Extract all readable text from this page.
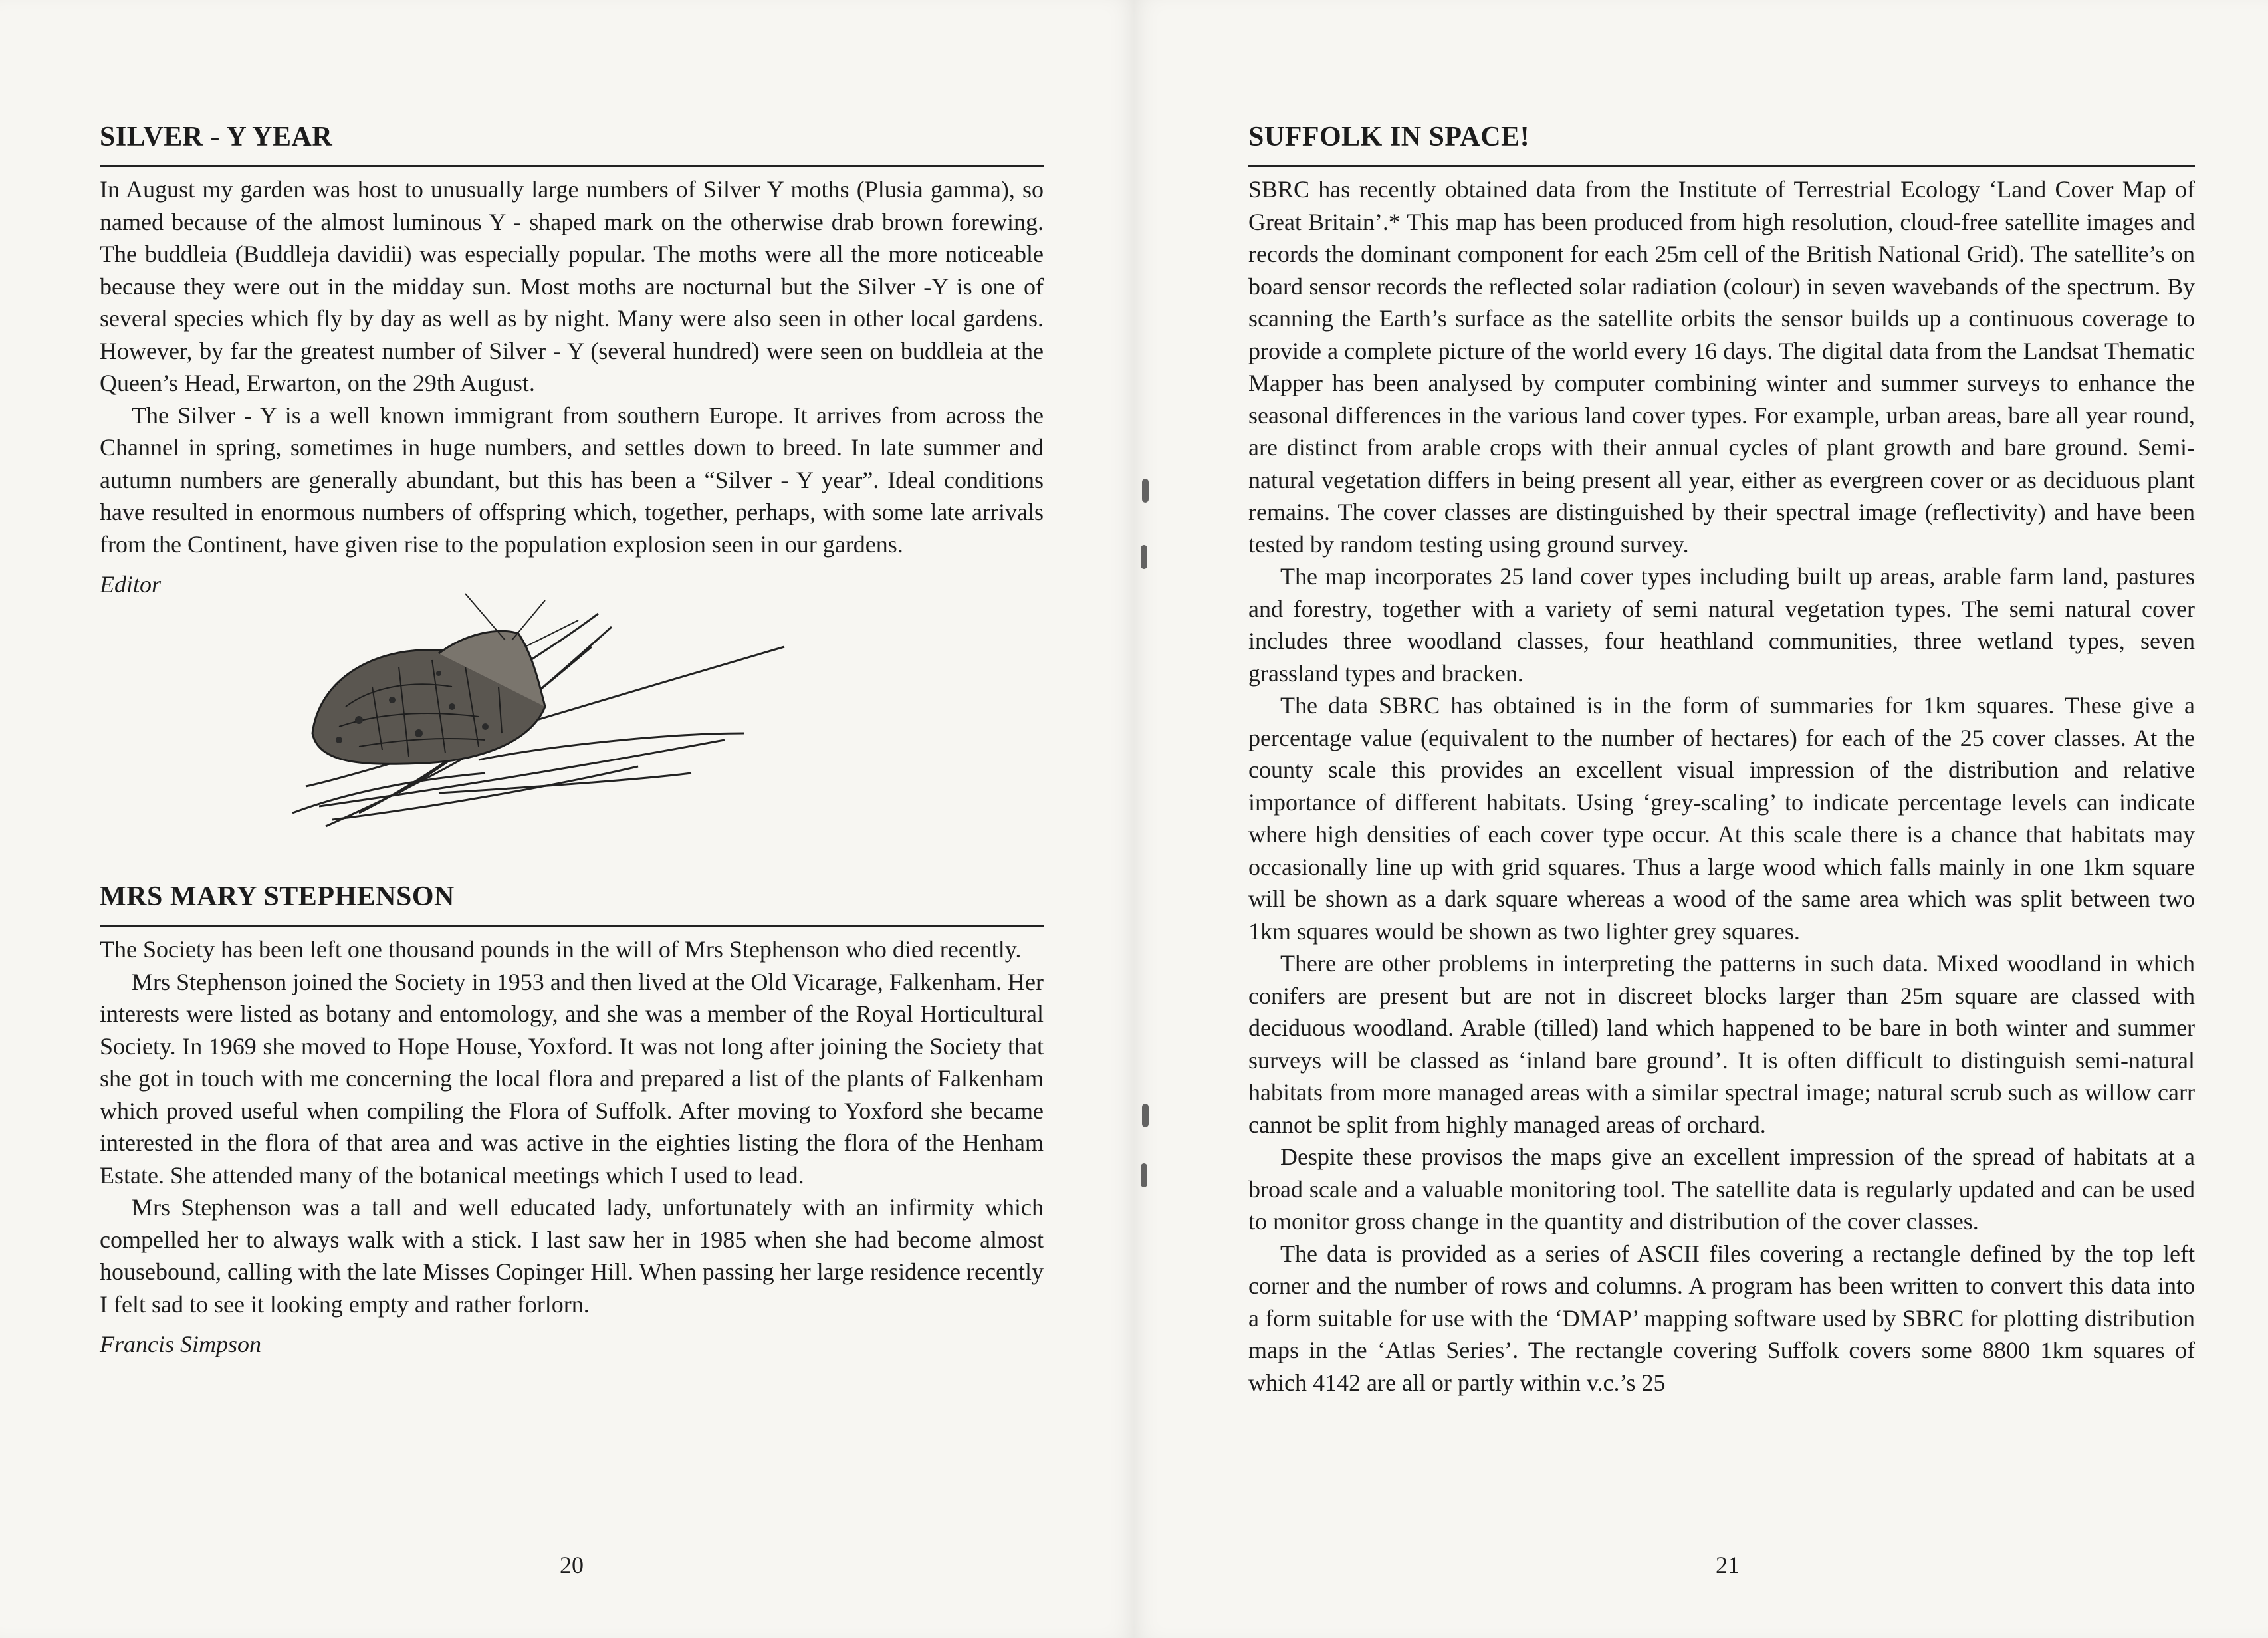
SILVER - Y YEAR

In August my garden was host to unusually large numbers of Silver Y moths (Plusia gamma), so named because of the almost luminous Y - shaped mark on the otherwise drab brown forewing. The buddleia (Buddleja davidii) was especially popular. The moths were all the more noticeable because they were out in the midday sun. Most moths are nocturnal but the Silver -Y is one of several species which fly by day as well as by night. Many were also seen in other local gardens. However, by far the greatest number of Silver - Y (several hundred) were seen on buddleia at the Queen’s Head, Erwarton, on the 29th August.

The Silver - Y is a well known immigrant from southern Europe. It arrives from across the Channel in spring, sometimes in huge numbers, and settles down to breed. In late summer and autumn numbers are generally abundant, but this has been a “Silver - Y year”. Ideal conditions have resulted in enormous numbers of offspring which, together, perhaps, with some late arrivals from the Continent, have given rise to the population explosion seen in our gardens.

Editor
MRS MARY STEPHENSON

The Society has been left one thousand pounds in the will of Mrs Stephenson who died recently.

Mrs Stephenson joined the Society in 1953 and then lived at the Old Vicarage, Falkenham. Her interests were listed as botany and entomology, and she was a member of the Royal Horticultural Society. In 1969 she moved to Hope House, Yoxford. It was not long after joining the Society that she got in touch with me concerning the local flora and prepared a list of the plants of Falkenham which proved useful when compiling the Flora of Suffolk. After moving to Yoxford she became interested in the flora of that area and was active in the eighties listing the flora of the Henham Estate. She attended many of the botanical meetings which I used to lead.

Mrs Stephenson was a tall and well educated lady, unfortunately with an infirmity which compelled her to always walk with a stick. I last saw her in 1985 when she had become almost housebound, calling with the late Misses Copinger Hill. When passing her large residence recently I felt sad to see it looking empty and rather forlorn.

Francis Simpson
20
SUFFOLK IN SPACE!

SBRC has recently obtained data from the Institute of Terrestrial Ecology ‘Land Cover Map of Great Britain’.* This map has been produced from high resolution, cloud-free satellite images and records the dominant component for each 25m cell of the British National Grid). The satellite’s on board sensor records the reflected solar radiation (colour) in seven wavebands of the spectrum. By scanning the Earth’s surface as the satellite orbits the sensor builds up a continuous coverage to provide a complete picture of the world every 16 days. The digital data from the Landsat Thematic Mapper has been analysed by computer combining winter and summer surveys to enhance the seasonal differences in the various land cover types. For example, urban areas, bare all year round, are distinct from arable crops with their annual cycles of plant growth and bare ground. Semi-natural vegetation differs in being present all year, either as evergreen cover or as deciduous plant remains. The cover classes are distinguished by their spectral image (reflectivity) and have been tested by random testing using ground survey.

The map incorporates 25 land cover types including built up areas, arable farm land, pastures and forestry, together with a variety of semi natural vegetation types. The semi natural cover includes three woodland classes, four heathland communities, three wetland types, seven grassland types and bracken.

The data SBRC has obtained is in the form of summaries for 1km squares. These give a percentage value (equivalent to the number of hectares) for each of the 25 cover classes. At the county scale this provides an excellent visual impression of the distribution and relative importance of different habitats. Using ‘grey-scaling’ to indicate percentage levels can indicate where high densities of each cover type occur. At this scale there is a chance that habitats may occasionally line up with grid squares. Thus a large wood which falls mainly in one 1km square will be shown as a dark square whereas a wood of the same area which was split between two 1km squares would be shown as two lighter grey squares.

There are other problems in interpreting the patterns in such data. Mixed woodland in which conifers are present but are not in discreet blocks larger than 25m square are classed with deciduous woodland. Arable (tilled) land which happened to be bare in both winter and summer surveys will be classed as ‘inland bare ground’. It is often difficult to distinguish semi-natural habitats from more managed areas with a similar spectral image; natural scrub such as willow carr cannot be split from highly managed areas of orchard.

Despite these provisos the maps give an excellent impression of the spread of habitats at a broad scale and a valuable monitoring tool. The satellite data is regularly updated and can be used to monitor gross change in the quantity and distribution of the cover classes.

The data is provided as a series of ASCII files covering a rectangle defined by the top left corner and the number of rows and columns. A program has been written to convert this data into a form suitable for use with the ‘DMAP’ mapping software used by SBRC for plotting distribution maps in the ‘Atlas Series’. The rectangle covering Suffolk covers some 8800 1km squares of which 4142 are all or partly within v.c.’s 25

21
